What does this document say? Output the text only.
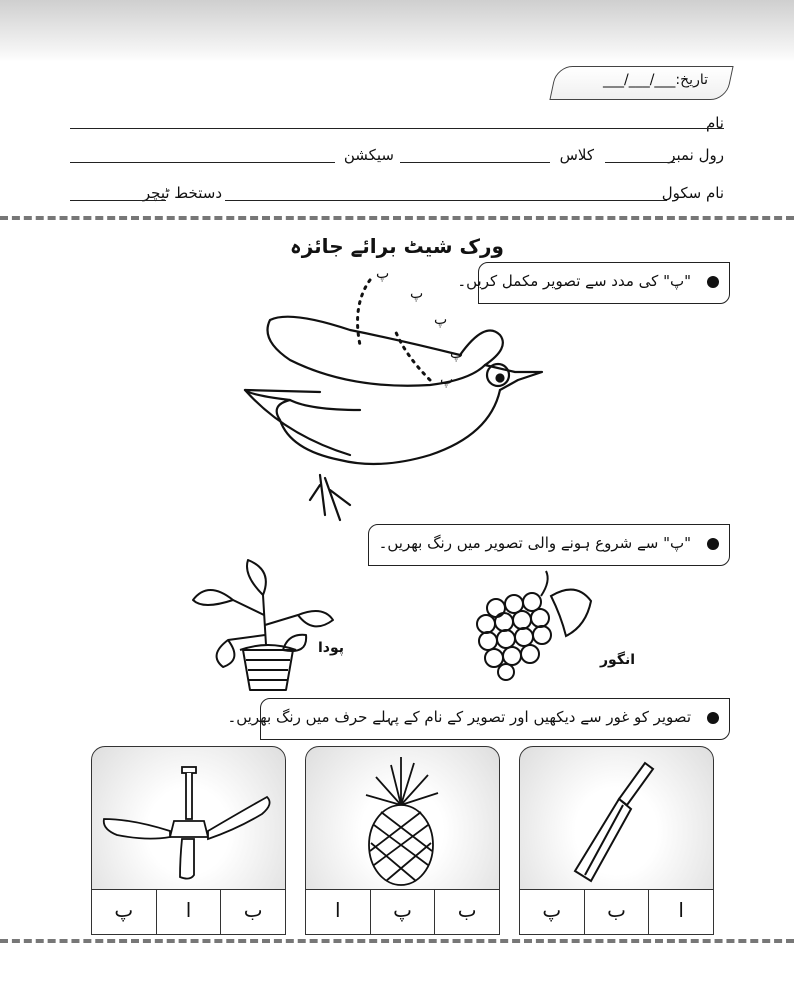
تاریخ:___/___/___
نام
رول نمبر
کلاس
سیکشن
نام سکول
دستخط ٹیچر
ورک شیٹ برائے جائزہ
"پ" کی مدد سے تصویر مکمل کریں۔
پ
پ
پ
پ
پ
"پ" سے شروع ہونے والی تصویر میں رنگ بھریں۔
پودا
انگور
تصویر کو غور سے دیکھیں اور تصویر کے نام کے پہلے حرف میں رنگ بھریں۔
پ	ا	ب	ا	پ	ب	پ	ب	ا
